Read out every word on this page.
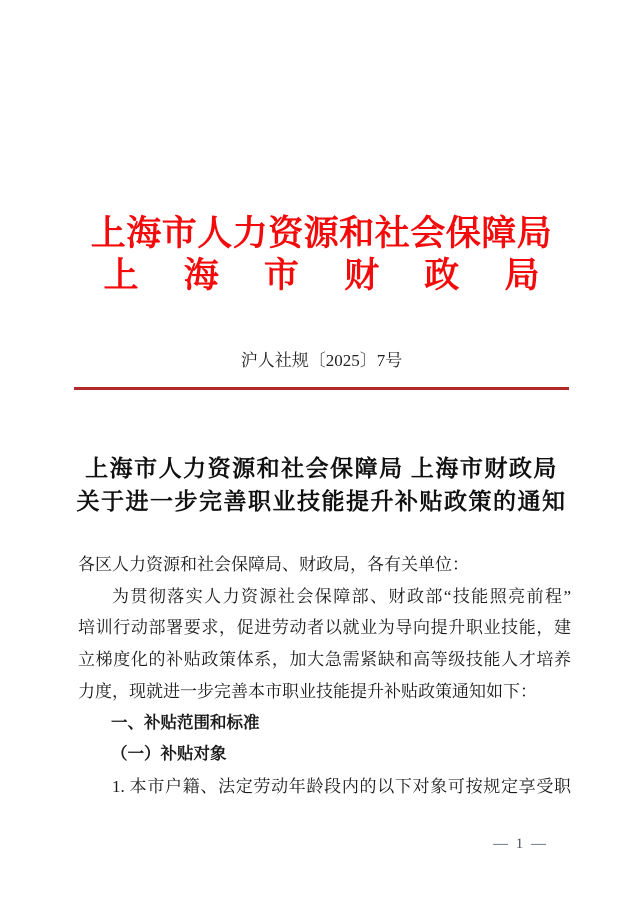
上海市人力资源和社会保障局
上海市财政局
沪人社规〔2025〕7号
上海市人力资源和社会保障局 上海市财政局
关于进一步完善职业技能提升补贴政策的通知
各区人力资源和社会保障局、财政局，各有关单位：
为贯彻落实人力资源社会保障部、财政部“技能照亮前程”
培训行动部署要求，促进劳动者以就业为导向提升职业技能，建
立梯度化的补贴政策体系，加大急需紧缺和高等级技能人才培养
力度，现就进一步完善本市职业技能提升补贴政策通知如下：
一、补贴范围和标准
（一）补贴对象
1. 本市户籍、法定劳动年龄段内的以下对象可按规定享受职
— 1 —
